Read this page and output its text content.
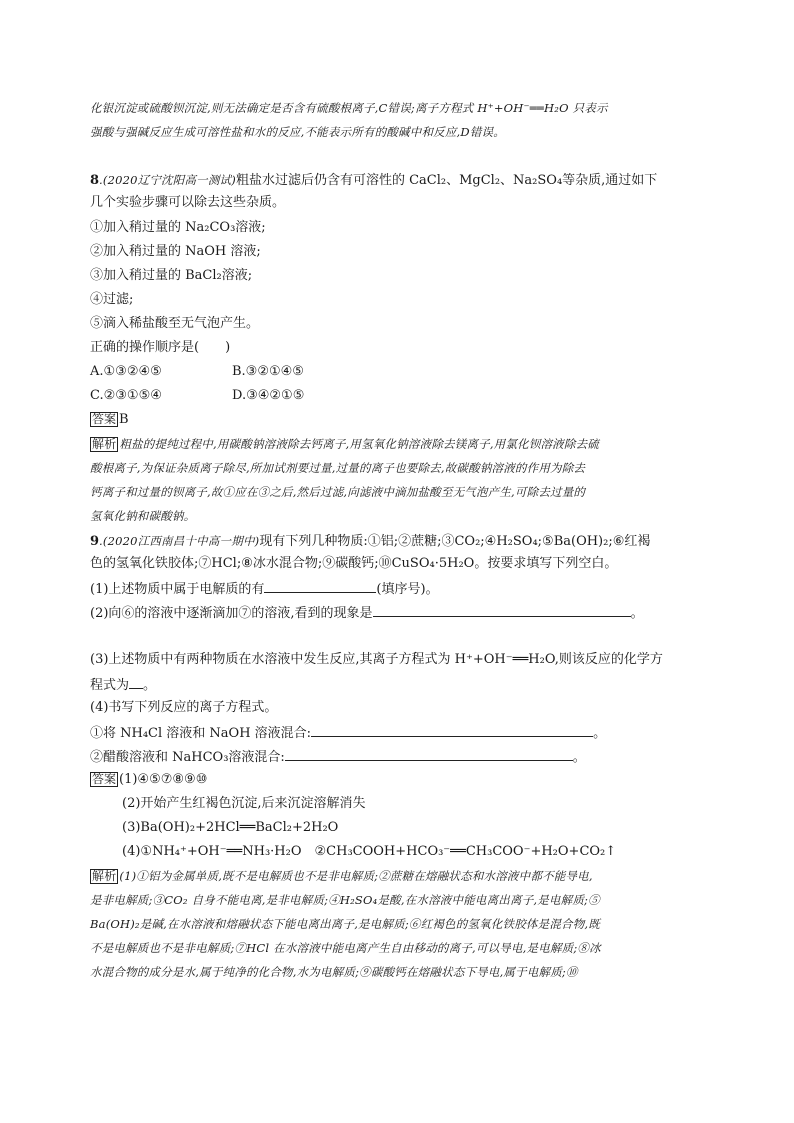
化银沉淀或硫酸钡沉淀,则无法确定是否含有硫酸根离子,C错误;离子方程式 H⁺+OH⁻══H₂O 只表示
强酸与强碱反应生成可溶性盐和水的反应,不能表示所有的酸碱中和反应,D错误。
8.(2020辽宁沈阳高一测试)粗盐水过滤后仍含有可溶性的 CaCl₂、MgCl₂、Na₂SO₄等杂质,通过如下
几个实验步骤可以除去这些杂质。
①加入稍过量的 Na₂CO₃溶液;
②加入稍过量的 NaOH 溶液;
③加入稍过量的 BaCl₂溶液;
④过滤;
⑤滴入稀盐酸至无气泡产生。
正确的操作顺序是(　　)
A.①③②④⑤	B.③②①④⑤
C.②③①⑤④	D.③④②①⑤
答案 B
解析 粗盐的提纯过程中,用碳酸钠溶液除去钙离子,用氢氧化钠溶液除去镁离子,用氯化钡溶液除去硫
酸根离子,为保证杂质离子除尽,所加试剂要过量,过量的离子也要除去,故碳酸钠溶液的作用为除去
钙离子和过量的钡离子,故①应在③之后,然后过滤,向滤液中滴加盐酸至无气泡产生,可除去过量的
氢氧化钠和碳酸钠。
9.(2020江西南昌十中高一期中)现有下列几种物质:①铝;②蔗糖;③CO₂;④H₂SO₄;⑤Ba(OH)₂;⑥红褐
色的氢氧化铁胶体;⑦HCl;⑧冰水混合物;⑨碳酸钙;⑩CuSO₄·5H₂O。按要求填写下列空白。
(1)上述物质中属于电解质的有	(填序号)。
(2)向⑥的溶液中逐渐滴加⑦的溶液,看到的现象是	。
(3)上述物质中有两种物质在水溶液中发生反应,其离子方程式为 H⁺+OH⁻══H₂O,则该反应的化学方
程式为 。
(4)书写下列反应的离子方程式。
①将 NH₄Cl 溶液和 NaOH 溶液混合:	。
②醋酸溶液和 NaHCO₃溶液混合:	。
答案 (1)④⑤⑦⑧⑨⑩
(2)开始产生红褐色沉淀,后来沉淀溶解消失
(3)Ba(OH)₂+2HCl══BaCl₂+2H₂O
(4)①NH₄⁺+OH⁻══NH₃·H₂O　②CH₃COOH+HCO₃⁻══CH₃COO⁻+H₂O+CO₂↑
解析 (1)①铝为金属单质,既不是电解质也不是非电解质;②蔗糖在熔融状态和水溶液中都不能导电,
是非电解质;③CO₂ 自身不能电离,是非电解质;④H₂SO₄是酸,在水溶液中能电离出离子,是电解质;⑤
Ba(OH)₂是碱,在水溶液和熔融状态下能电离出离子,是电解质;⑥红褐色的氢氧化铁胶体是混合物,既
不是电解质也不是非电解质;⑦HCl 在水溶液中能电离产生自由移动的离子,可以导电,是电解质;⑧冰
水混合物的成分是水,属于纯净的化合物,水为电解质;⑨碳酸钙在熔融状态下导电,属于电解质;⑩
